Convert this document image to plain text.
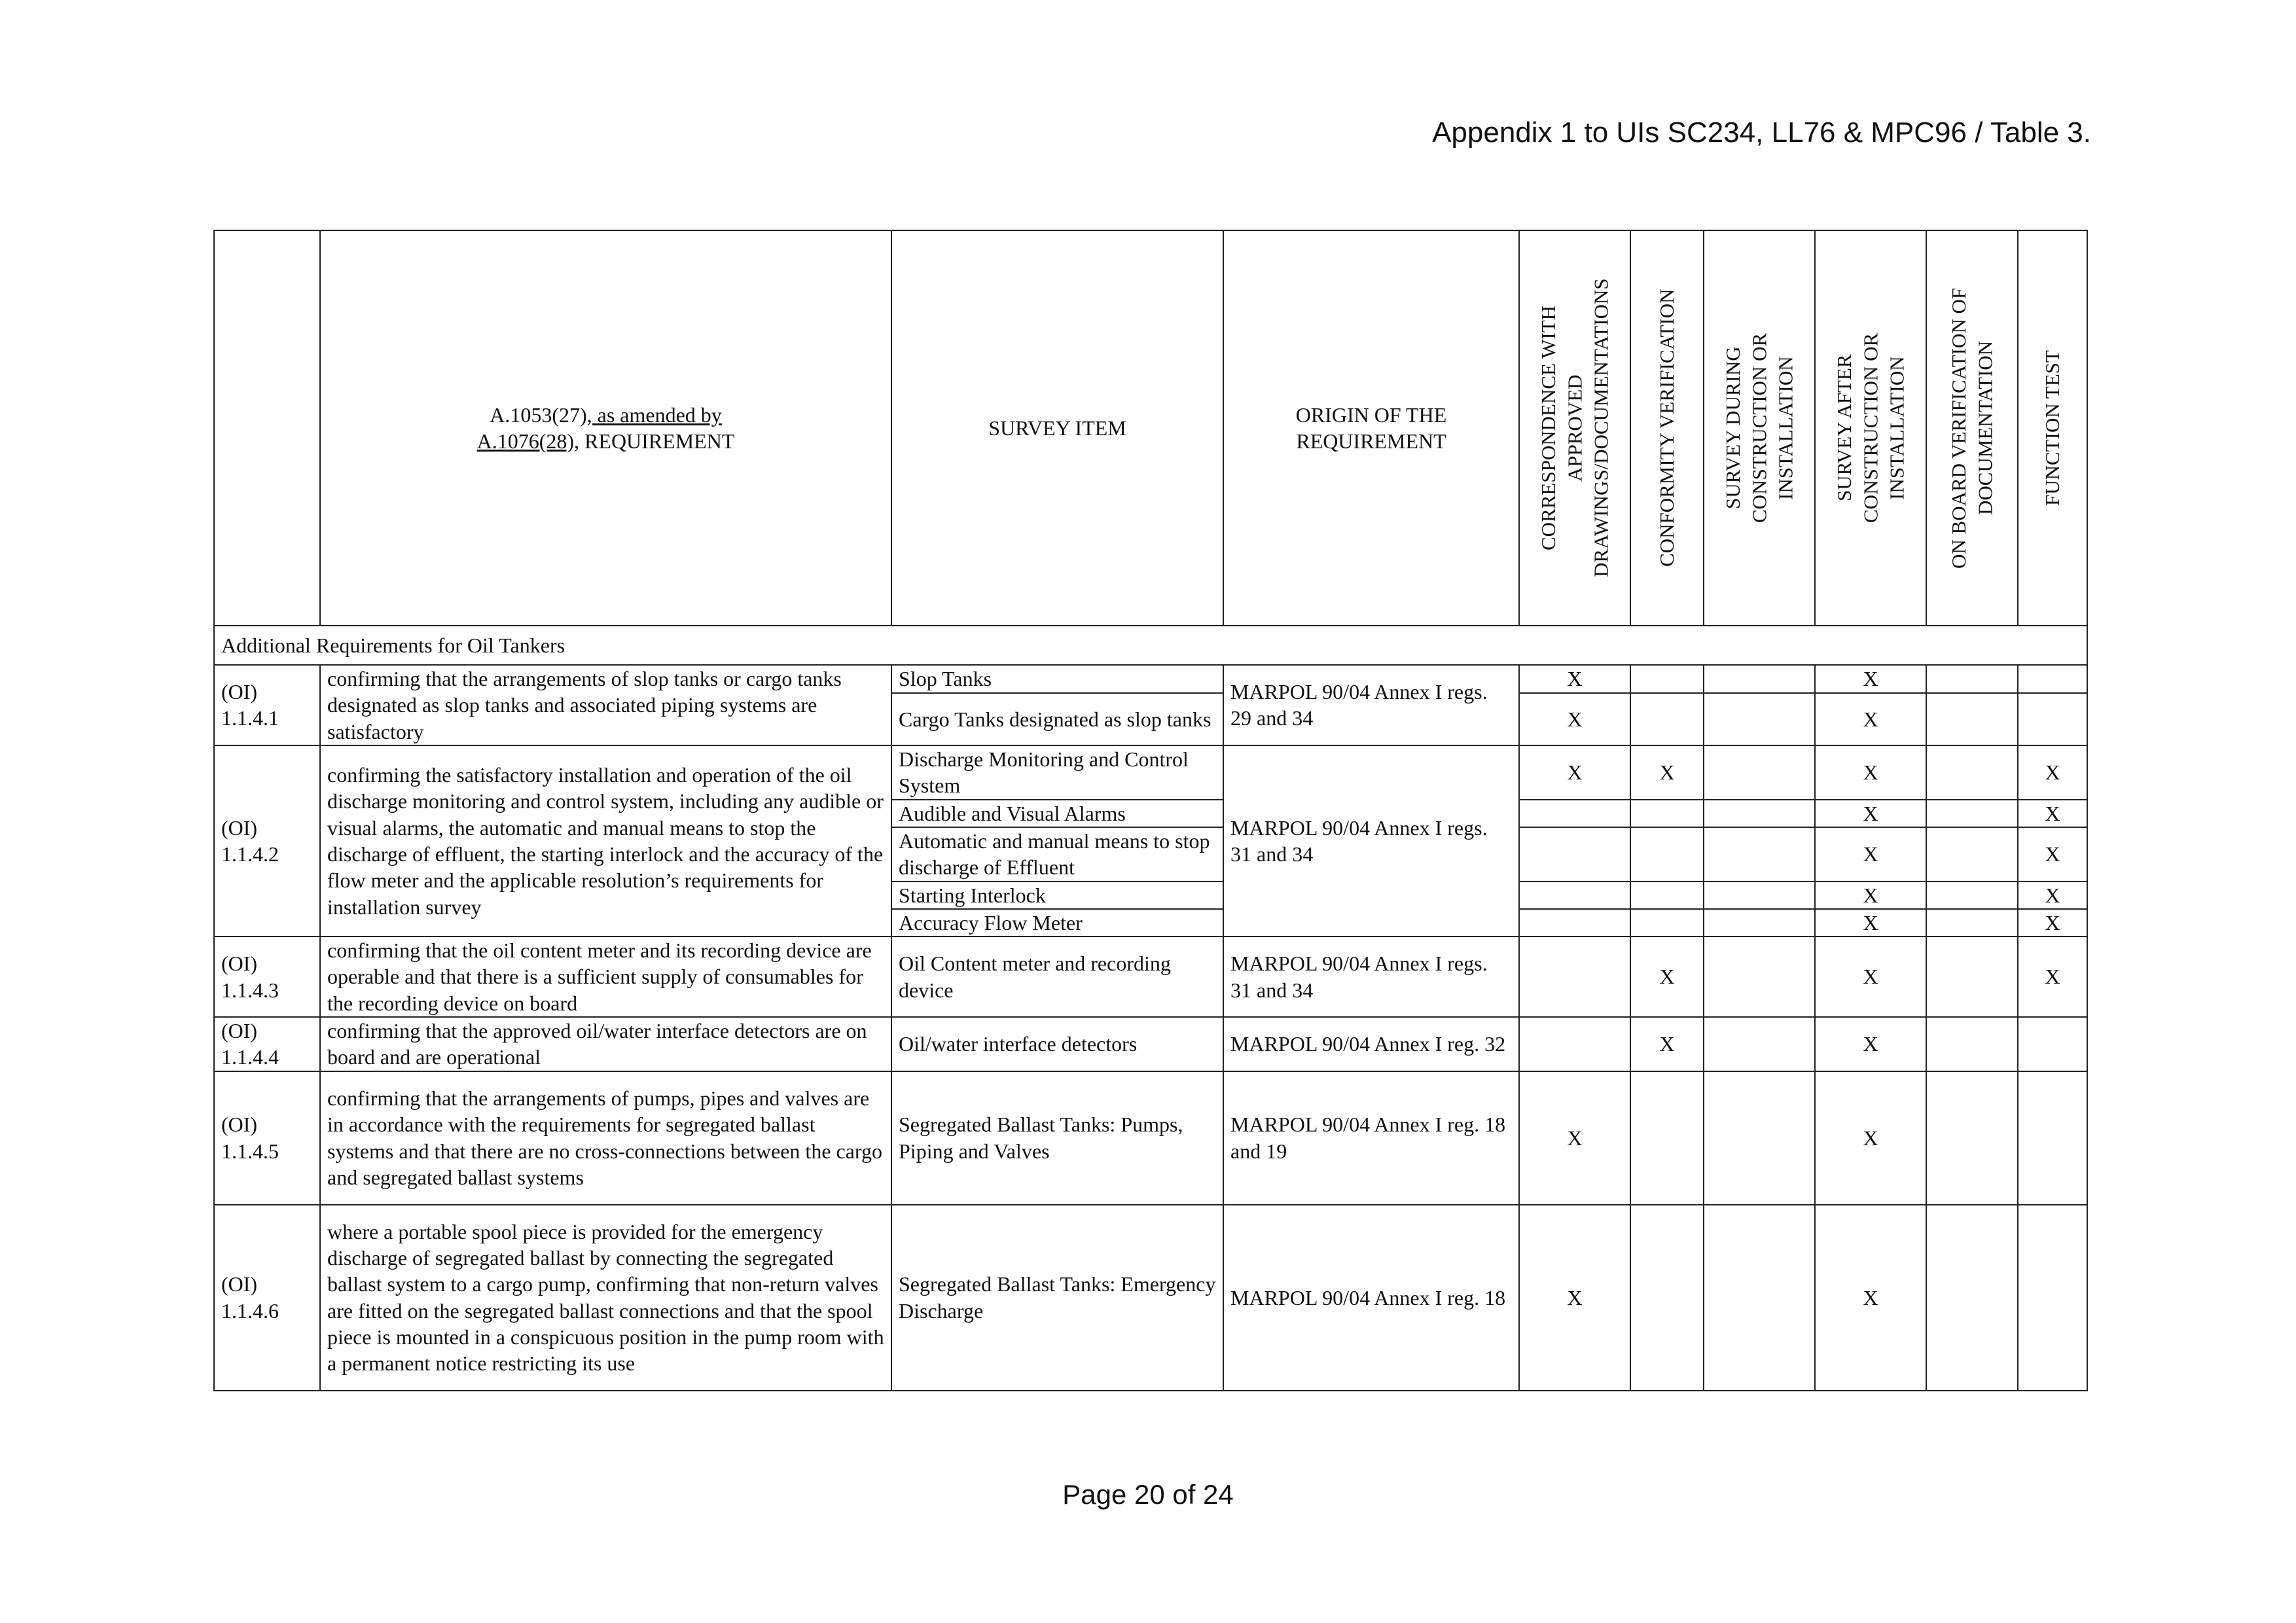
Appendix 1 to UIs SC234, LL76 & MPC96 / Table 3.
	A.1053(27), as amended by
A.1076(28), REQUIREMENT	SURVEY ITEM	ORIGIN OF THE REQUIREMENT	CORRESPONDENCE WITH APPROVED DRAWINGS/DOCUMENTATIONS	CONFORMITY VERIFICATION	SURVEY DURING CONSTRUCTION OR INSTALLATION	SURVEY AFTER CONSTRUCTION OR INSTALLATION	ON BOARD VERIFICATION OF DOCUMENTATION	FUNCTION TEST

Additional Requirements for Oil Tankers									
(OI)
1.1.4.1	confirming that the arrangements of slop tanks or cargo tanks designated as slop tanks and associated piping systems are satisfactory	Slop Tanks	MARPOL 90/04 Annex I regs. 29 and 34	X			X		
		Cargo Tanks designated as slop tanks		X			X		
(OI)
1.1.4.2	confirming the satisfactory installation and operation of the oil discharge monitoring and control system, including any audible or visual alarms, the automatic and manual means to stop the discharge of effluent, the starting interlock and the accuracy of the flow meter and the applicable resolution’s requirements for installation survey	Discharge Monitoring and Control System	MARPOL 90/04 Annex I regs. 31 and 34	X	X		X		X
		Audible and Visual Alarms					X		X
		Automatic and manual means to stop discharge of Effluent					X		X
		Starting Interlock					X		X
		Accuracy Flow Meter					X		X
(OI)
1.1.4.3	confirming that the oil content meter and its recording device are operable and that there is a sufficient supply of consumables for the recording device on board	Oil Content meter and recording device	MARPOL 90/04 Annex I regs. 31 and 34		X		X		X
(OI)
1.1.4.4	confirming that the approved oil/water interface detectors are on board and are operational	Oil/water interface detectors	MARPOL 90/04 Annex I reg. 32		X		X		
(OI)
1.1.4.5	confirming that the arrangements of pumps, pipes and valves are in accordance with the requirements for segregated ballast systems and that there are no cross-connections between the cargo and segregated ballast systems	Segregated Ballast Tanks: Pumps, Piping and Valves	MARPOL 90/04 Annex I reg. 18 and 19	X			X		
(OI)
1.1.4.6	where a portable spool piece is provided for the emergency discharge of segregated ballast by connecting the segregated ballast system to a cargo pump, confirming that non-return valves are fitted on the segregated ballast connections and that the spool piece is mounted in a conspicuous position in the pump room with a permanent notice restricting its use	Segregated Ballast Tanks: Emergency Discharge	MARPOL 90/04 Annex I reg. 18	X			X		
Page 20 of 24
